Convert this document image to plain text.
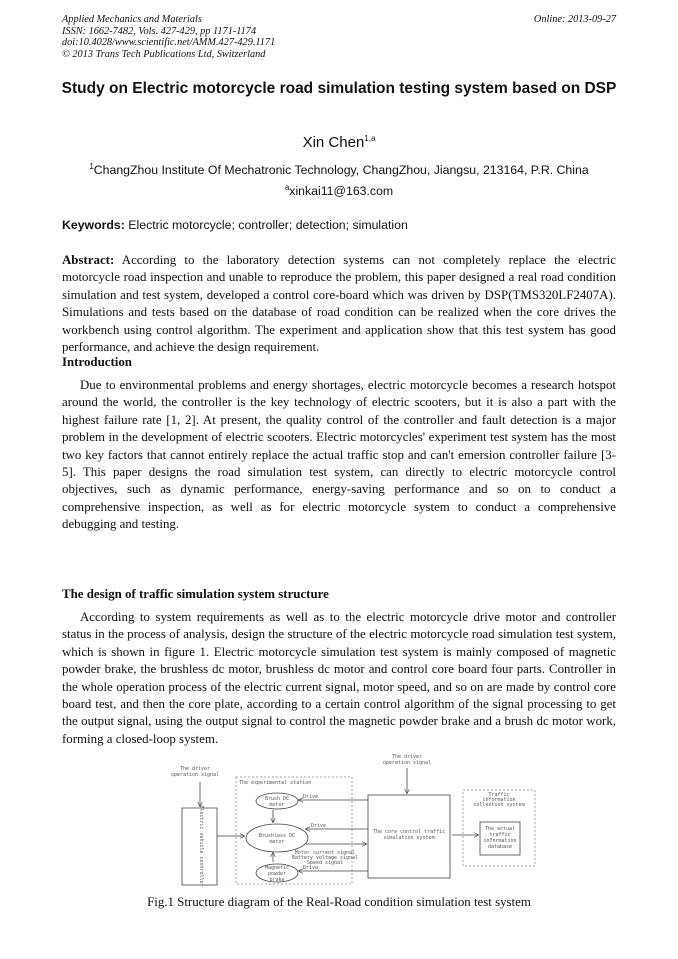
Applied Mechanics and Materials
ISSN: 1662-7482, Vols. 427-429, pp 1171-1174
doi:10.4028/www.scientific.net/AMM.427-429.1171
© 2013 Trans Tech Publications Ltd, Switzerland
Online: 2013-09-27
Study on Electric motorcycle road simulation testing system based on DSP
Xin Chen$^{1,a}$
$^1$ChangZhou Institute Of Mechatronic Technology, ChangZhou, Jiangsu, 213164, P.R. China
$^a$xinkai11@163.com
Keywords: Electric motorcycle; controller; detection; simulation
Abstract: According to the laboratory detection systems can not completely replace the electric motorcycle road inspection and unable to reproduce the problem, this paper designed a real road condition simulation and test system, developed a control core-board which was driven by DSP(TMS320LF2407A). Simulations and tests based on the database of road condition can be realized when the core drives the workbench using control algorithm. The experiment and application show that this test system has good performance, and achieve the design requirement.
Introduction
Due to environmental problems and energy shortages, electric motorcycle becomes a research hotspot around the world, the controller is the key technology of electric scooters, but it is also a part with the highest failure rate [1, 2]. At present, the quality control of the controller and fault detection is a major problem in the development of electric scooters. Electric motorcycles' experiment test system has the most two key factors that cannot entirely replace the actual traffic stop and can't emersion controller failure [3-5]. This paper designs the road simulation test system, can directly to electric motorcycle control objectives, such as dynamic performance, energy-saving performance and so on to conduct a comprehensive inspection, as well as for electric motorcycle system to conduct a comprehensive debugging and testing.
The design of traffic simulation system structure
According to system requirements as well as to the electric motorcycle drive motor and controller status in the process of analysis, design the structure of the electric motorcycle road simulation test system, which is shown in figure 1. Electric motorcycle simulation test system is mainly composed of magnetic powder brake, the brushless dc motor, brushless dc motor and control core board four parts. Controller in the whole operation process of the electric current signal, motor speed, and so on are made by control core board test, and then the core plate, according to a certain control algorithm of the signal processing to get the output signal, using the output signal to control the magnetic powder brake and a brush dc motor work, forming a closed-loop system.
The driver
operation signal
The driver
operation signal
Electric vehicle controller
The experimental station
Brush DC
motor
Brushless DC
motor
Magnetic
powder
brake
Drive
Drive
Drive
Motor current signal
Battery voltage signal
Speed signal
The core control traffic
simulation system
Traffic
information
collection system
The actual
traffic
information
database
Fig.1 Structure diagram of the Real-Road condition simulation test system
